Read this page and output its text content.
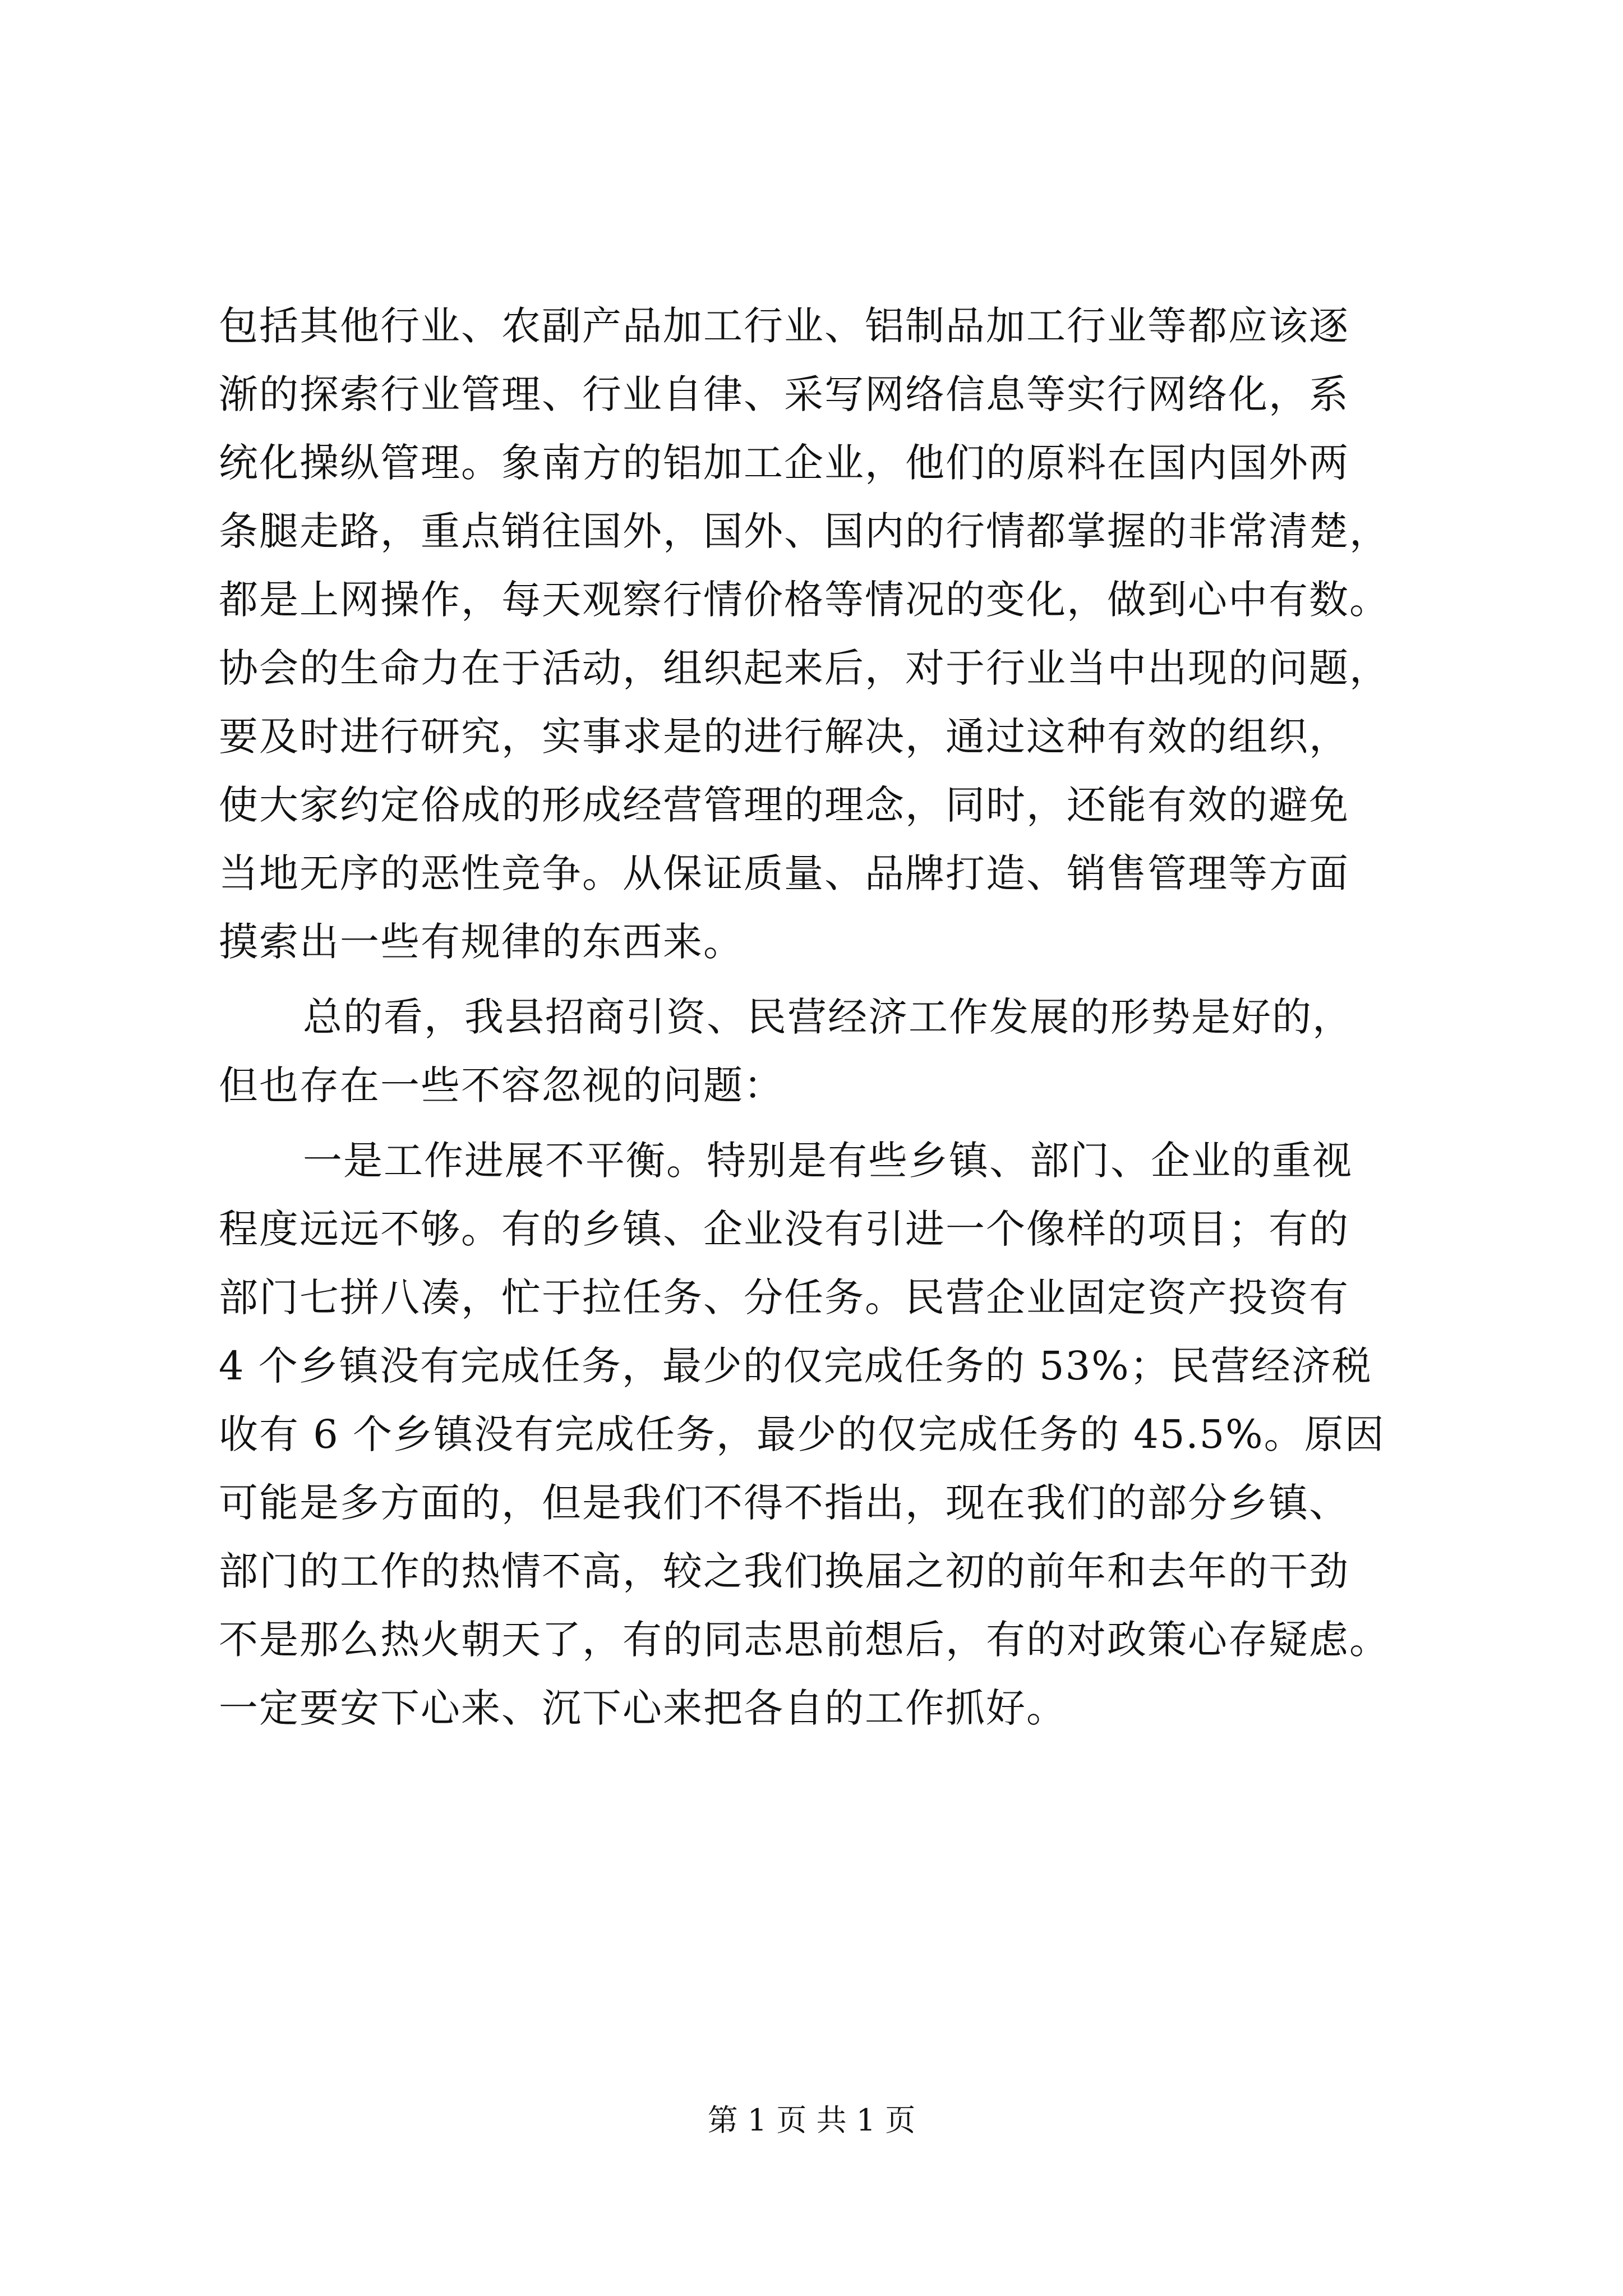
包括其他行业、农副产品加工行业、铝制品加工行业等都应该逐
渐的探索行业管理、行业自律、采写网络信息等实行网络化，系
统化操纵管理。象南方的铝加工企业，他们的原料在国内国外两
条腿走路，重点销往国外，国外、国内的行情都掌握的非常清楚，
都是上网操作，每天观察行情价格等情况的变化，做到心中有数。
协会的生命力在于活动，组织起来后，对于行业当中出现的问题，
要及时进行研究，实事求是的进行解决，通过这种有效的组织，
使大家约定俗成的形成经营管理的理念，同时，还能有效的避免
当地无序的恶性竞争。从保证质量、品牌打造、销售管理等方面
摸索出一些有规律的东西来。
总的看，我县招商引资、民营经济工作发展的形势是好的，
但也存在一些不容忽视的问题：
一是工作进展不平衡。特别是有些乡镇、部门、企业的重视
程度远远不够。有的乡镇、企业没有引进一个像样的项目；有的
部门七拼八凑，忙于拉任务、分任务。民营企业固定资产投资有
4 个乡镇没有完成任务，最少的仅完成任务的 53%；民营经济税
收有 6 个乡镇没有完成任务，最少的仅完成任务的 45.5%。原因
可能是多方面的，但是我们不得不指出，现在我们的部分乡镇、
部门的工作的热情不高，较之我们换届之初的前年和去年的干劲
不是那么热火朝天了，有的同志思前想后，有的对政策心存疑虑。
一定要安下心来、沉下心来把各自的工作抓好。
第 1 页 共 1 页
